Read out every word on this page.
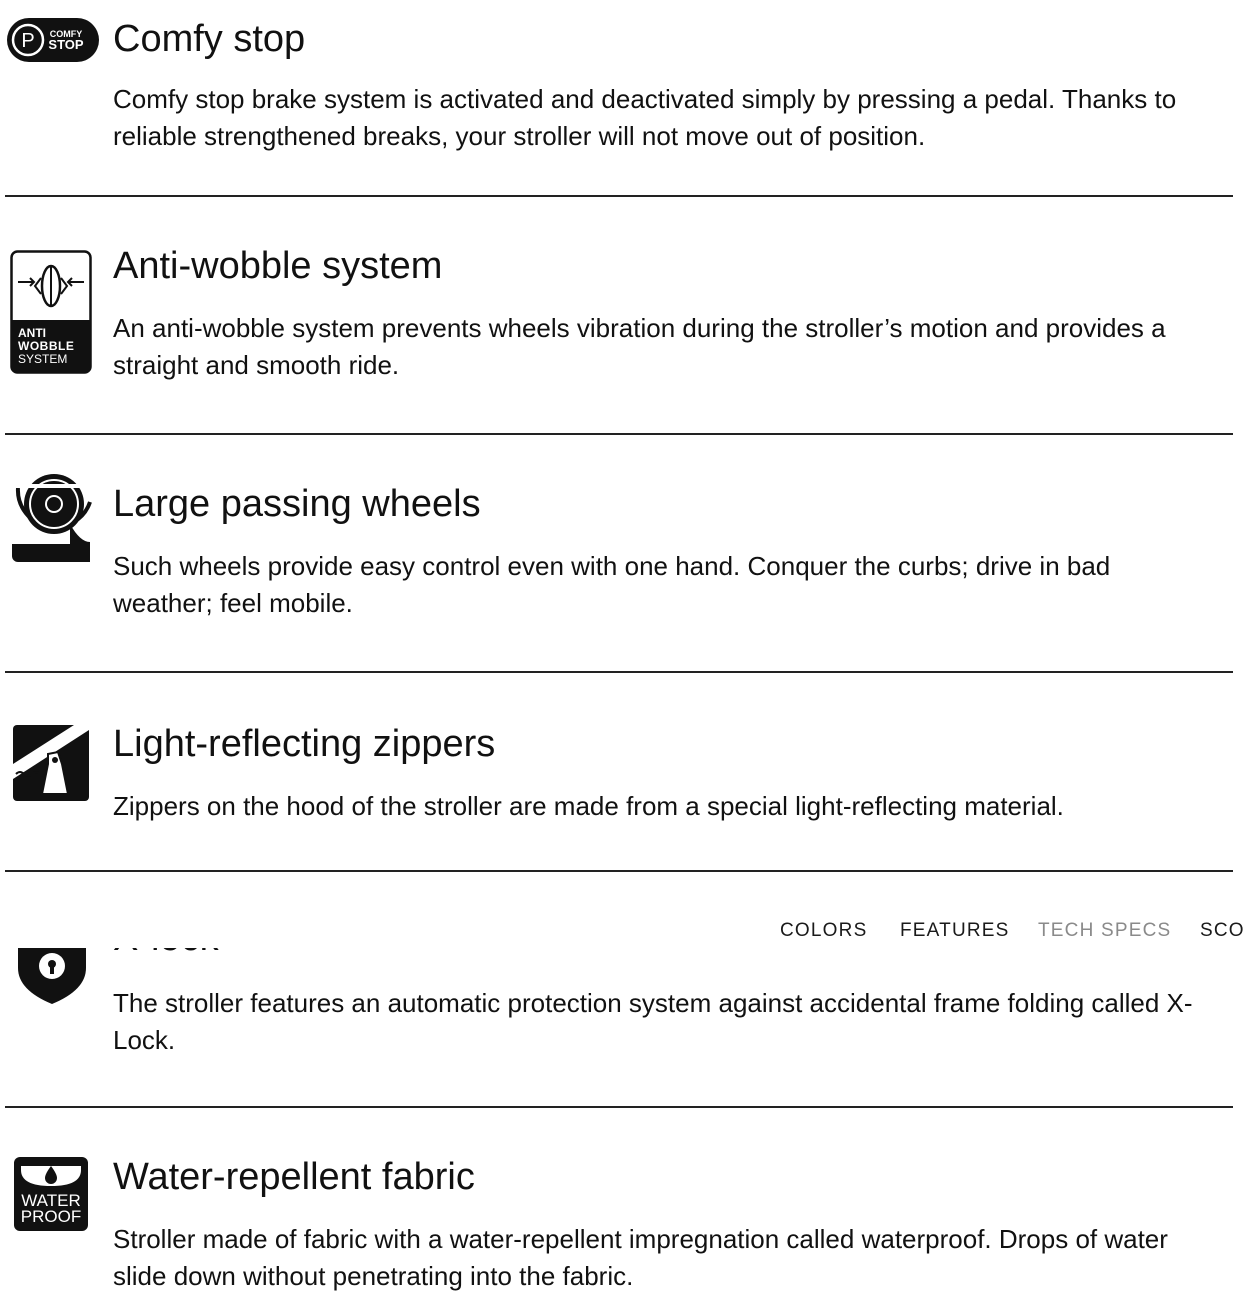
P COMFY
STOP Comfy stop
Comfy stop brake system is activated and deactivated simply by pressing a pedal. Thanks to reliable strengthened breaks, your stroller will not move out of position.
ANTI
WOBBLE
SYSTEM
Anti-wobble system
An anti-wobble system prevents wheels vibration during the stroller’s motion and provides a straight and smooth ride.
Large passing wheels
Such wheels provide easy control even with one hand. Conquer the curbs; drive in bad weather; feel mobile.
Light-reflecting zippers
Zippers on the hood of the stroller are made from a special light-reflecting material.
The stroller features an automatic protection system against accidental frame folding called X-Lock.
WATER
PROOF
Water-repellent fabric
Stroller made of fabric with a water-repellent impregnation called waterproof. Drops of water slide down without penetrating into the fabric.
COLORS FEATURES TECH SPECS SCO
